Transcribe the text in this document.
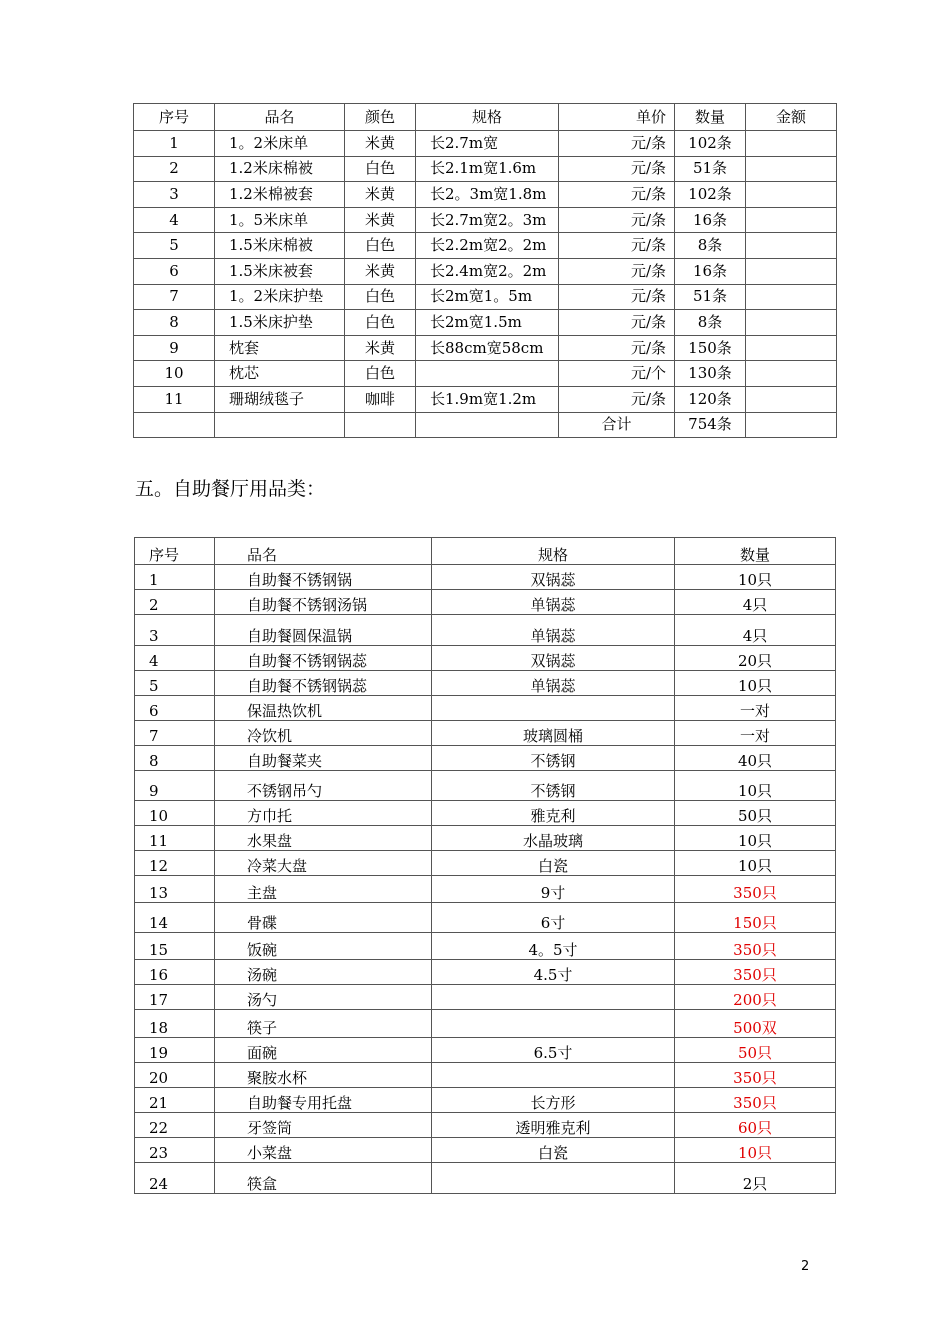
序号	品名	颜色	规格	单价	数量	金额
1	1。2米床单	米黄	长2.7m宽	元/条	102条	
2	1.2米床棉被	白色	长2.1m宽1.6m	元/条	51条	
3	1.2米棉被套	米黄	长2。3m宽1.8m	元/条	102条	
4	1。5米床单	米黄	长2.7m宽2。3m	元/条	16条	
5	1.5米床棉被	白色	长2.2m宽2。2m	元/条	8条	
6	1.5米床被套	米黄	长2.4m宽2。2m	元/条	16条	
7	1。2米床护垫	白色	长2m宽1。5m	元/条	51条	
8	1.5米床护垫	白色	长2m宽1.5m	元/条	8条	
9	枕套	米黄	长88cm宽58cm	元/条	150条	
10	枕芯	白色		元/个	130条	
11	珊瑚绒毯子	咖啡	长1.9m宽1.2m	元/条	120条	
				合计	754条	
五。自助餐厅用品类：
序号	品名	规格	数量
1	自助餐不锈钢锅	双锅蕊	10只
2	自助餐不锈钢汤锅	单锅蕊	4只
3	自助餐圆保温锅	单锅蕊	4只
4	自助餐不锈钢锅蕊	双锅蕊	20只
5	自助餐不锈钢锅蕊	单锅蕊	10只
6	保温热饮机		一对
7	冷饮机	玻璃圆桶	一对
8	自助餐菜夹	不锈钢	40只
9	不锈钢吊勺	不锈钢	10只
10	方巾托	雅克利	50只
11	水果盘	水晶玻璃	10只
12	冷菜大盘	白瓷	10只
13	主盘	9寸	350只
14	骨碟	6寸	150只
15	饭碗	4。5寸	350只
16	汤碗	4.5寸	350只
17	汤勺		200只
18	筷子		500双
19	面碗	6.5寸	50只
20	聚胺水杯		350只
21	自助餐专用托盘	长方形	350只
22	牙签筒	透明雅克利	60只
23	小菜盘	白瓷	10只
24	筷盒		2只
2
